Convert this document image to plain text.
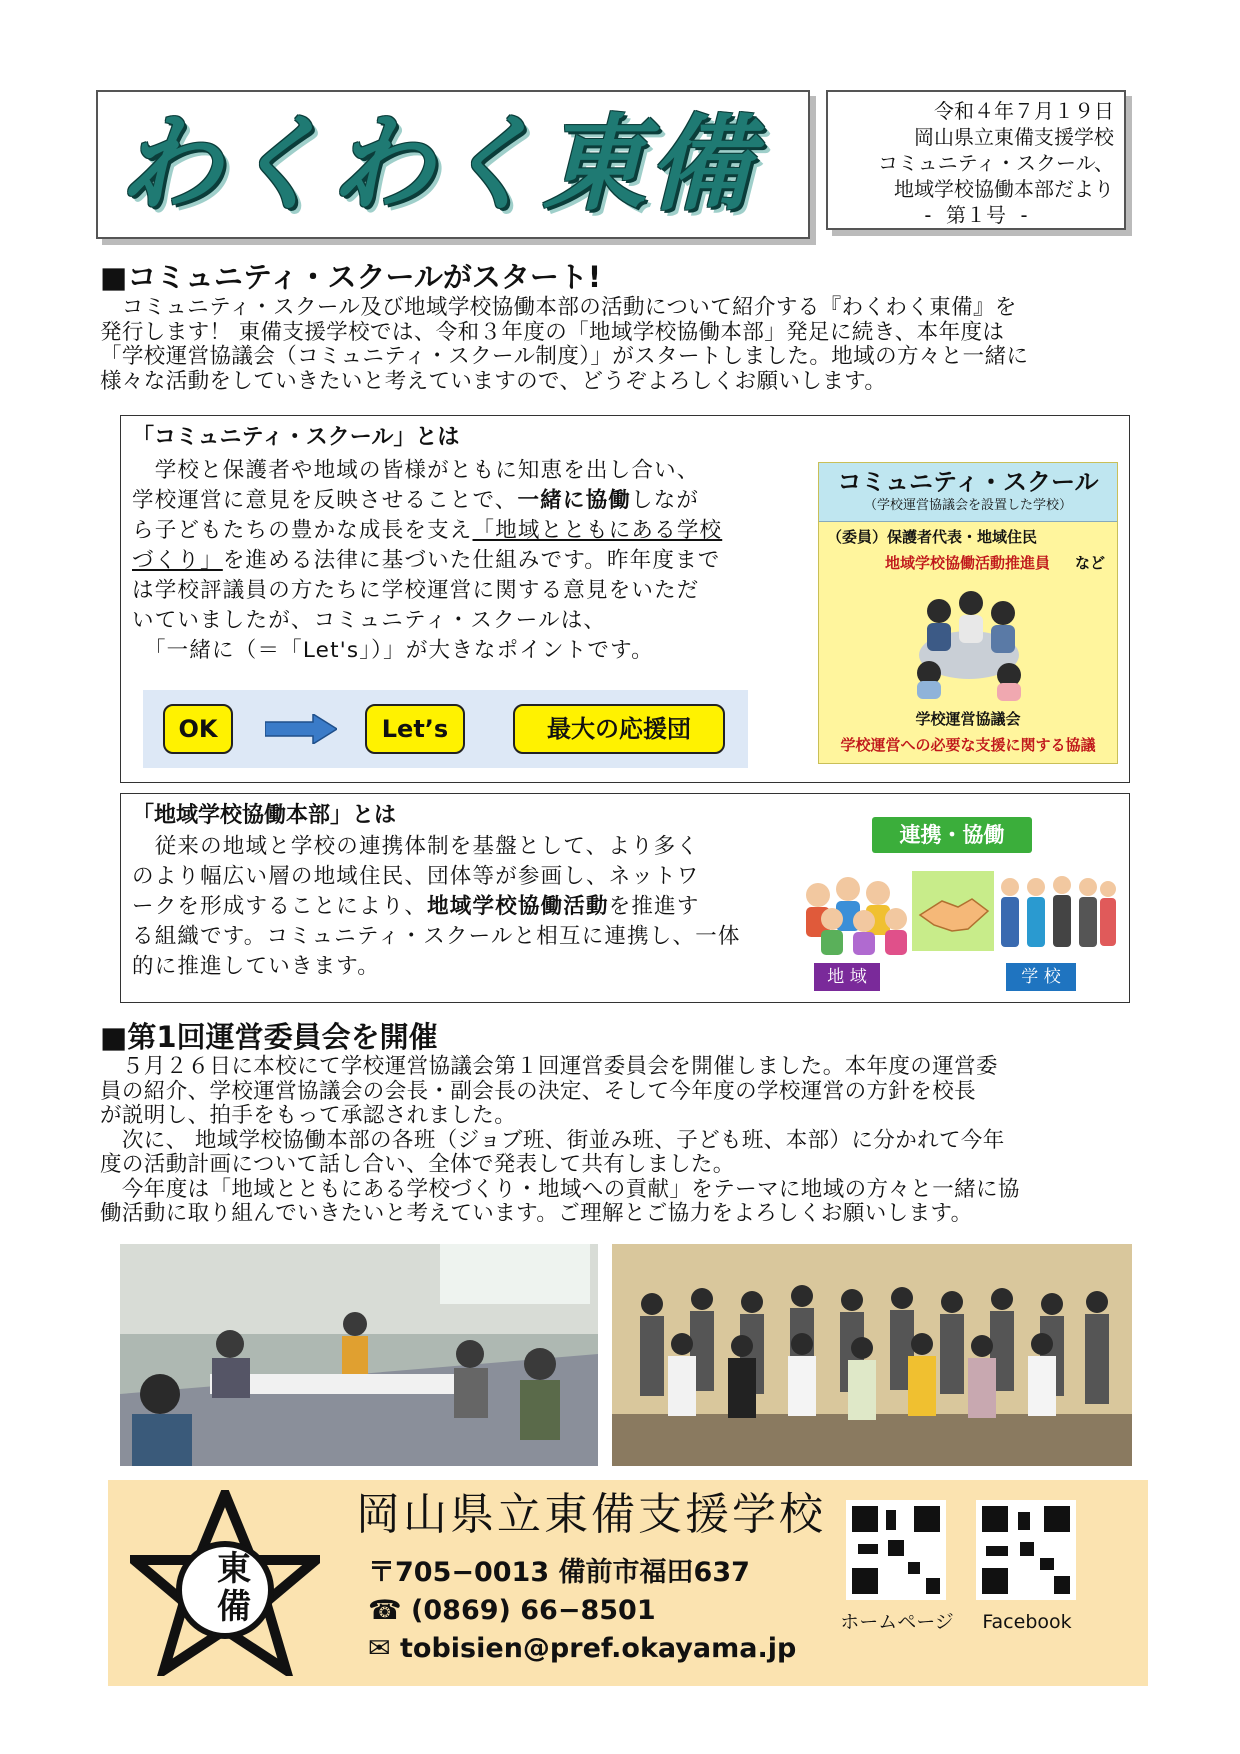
わくわく東備	令和４年７月１９日
岡山県立東備支援学校
コミュニティ・スクール、
地域学校協働本部だより
- 第１号 -
■コミュニティ・スクールがスタート!

　コミュニティ・スクール及び地域学校協働本部の活動について紹介する『わくわく東備』を

発行します！ 東備支援学校では、令和３年度の「地域学校協働本部」発足に続き、本年度は

「学校運営協議会（コミュニティ・スクール制度）」がスタートしました。地域の方々と一緒に

様々な活動をしていきたいと考えていますので、どうぞよろしくお願いします。

「コミュニティ・スクール」とは

　学校と保護者や地域の皆様がともに知恵を出し合い、

学校運営に意見を反映させることで、一緒に協働しなが

ら子どもたちの豊かな成長を支え「地域とともにある学校

づくり」を進める法律に基づいた仕組みです。昨年度まで

は学校評議員の方たちに学校運営に関する意見をいただ

いていましたが、コミュニティ・スクールは、

　「一緒に（＝「Let's」）」が大きなポイントです。

OK	Let’s	最大の応援団
コミュニティ・スクール
（学校運営協議会を設置した学校）
（委員）保護者代表・地域住民
地域学校協働活動推進員 など
学校運営協議会
学校運営への必要な支援に関する協議
「地域学校協働本部」とは

　従来の地域と学校の連携体制を基盤として、より多く

のより幅広い層の地域住民、団体等が参画し、ネットワ

ークを形成することにより、地域学校協働活動を推進す

る組織です。コミュニティ・スクールと相互に連携し、一体

的に推進していきます。

連携・協働
地 域	学 校
■第1回運営委員会を開催

　５月２６日に本校にて学校運営協議会第１回運営委員会を開催しました。本年度の運営委

員の紹介、学校運営協議会の会長・副会長の決定、そして今年度の学校運営の方針を校長

が説明し、拍手をもって承認されました。

　次に、 地域学校協働本部の各班（ジョブ班、街並み班、子ども班、本部）に分かれて今年

度の活動計画について話し合い、全体で発表して共有しました。

　今年度は「地域とともにある学校づくり・地域への貢献」をテーマに地域の方々と一緒に協

働活動に取り組んでいきたいと考えています。ご理解とご協力をよろしくお願いします。

東
備
岡山県立東備支援学校
〒705−0013 備前市福田637
☎ (0869) 66−8501
✉ tobisien@pref.okayama.jp
ホームページ	Facebook
